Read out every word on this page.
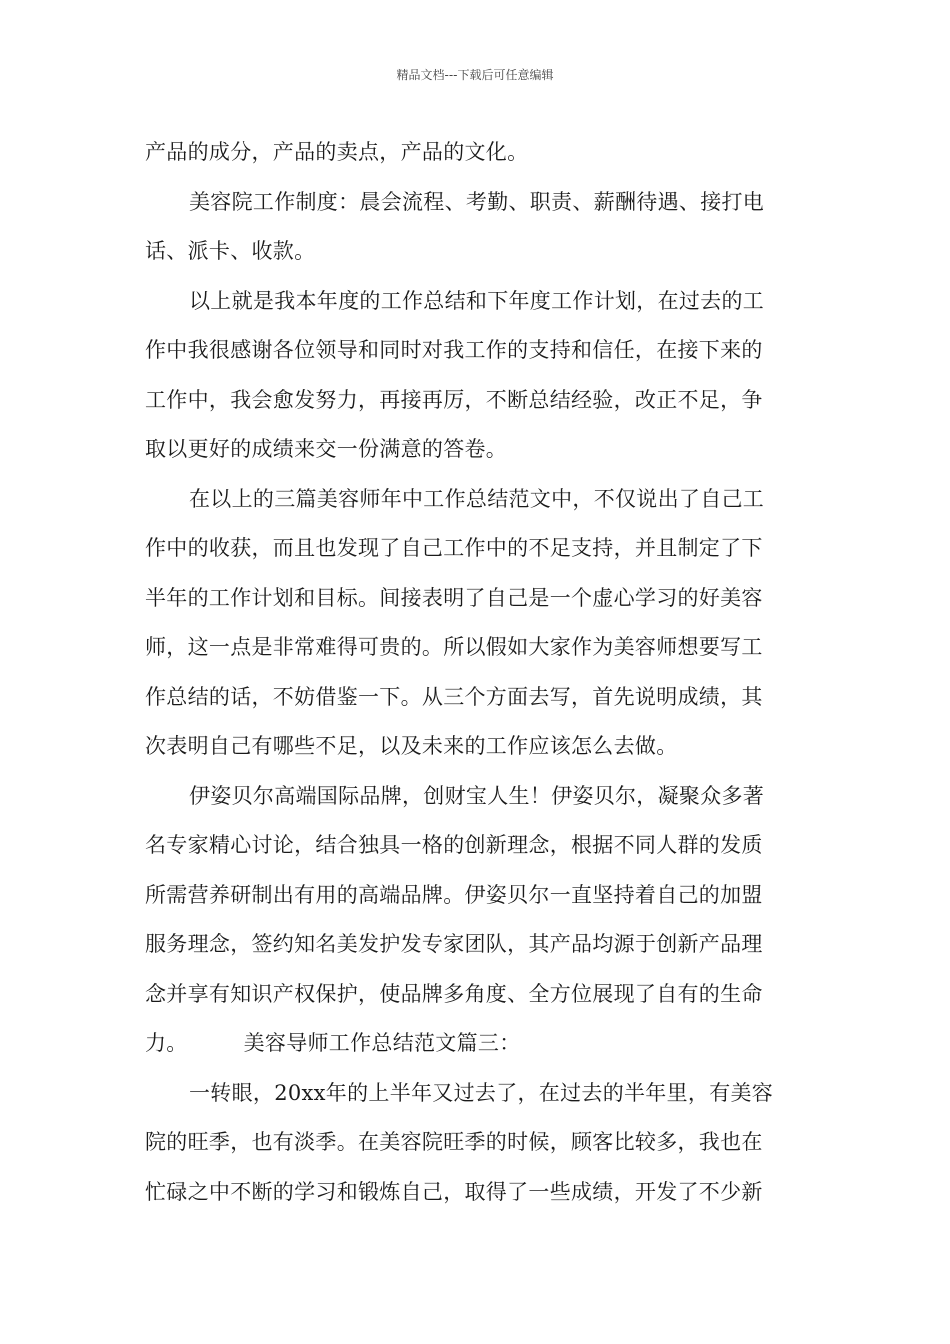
精品文档---下载后可任意编辑
产品的成分，产品的卖点，产品的文化。
美容院工作制度：晨会流程、考勤、职责、薪酬待遇、接打电
话、派卡、收款。
以上就是我本年度的工作总结和下年度工作计划，在过去的工
作中我很感谢各位领导和同时对我工作的支持和信任，在接下来的
工作中，我会愈发努力，再接再厉，不断总结经验，改正不足，争
取以更好的成绩来交一份满意的答卷。
在以上的三篇美容师年中工作总结范文中，不仅说出了自己工
作中的收获，而且也发现了自己工作中的不足支持，并且制定了下
半年的工作计划和目标。间接表明了自己是一个虚心学习的好美容
师，这一点是非常难得可贵的。所以假如大家作为美容师想要写工
作总结的话，不妨借鉴一下。从三个方面去写，首先说明成绩，其
次表明自己有哪些不足，以及未来的工作应该怎么去做。
伊姿贝尔高端国际品牌，创财宝人生！伊姿贝尔，凝聚众多著
名专家精心讨论，结合独具一格的创新理念，根据不同人群的发质
所需营养研制出有用的高端品牌。伊姿贝尔一直坚持着自己的加盟
服务理念，签约知名美发护发专家团队，其产品均源于创新产品理
念并享有知识产权保护，使品牌多角度、全方位展现了自有的生命
力。	美容导师工作总结范文篇三：
一转眼，20xx年的上半年又过去了，在过去的半年里，有美容
院的旺季，也有淡季。在美容院旺季的时候，顾客比较多，我也在
忙碌之中不断的学习和锻炼自己，取得了一些成绩，开发了不少新
